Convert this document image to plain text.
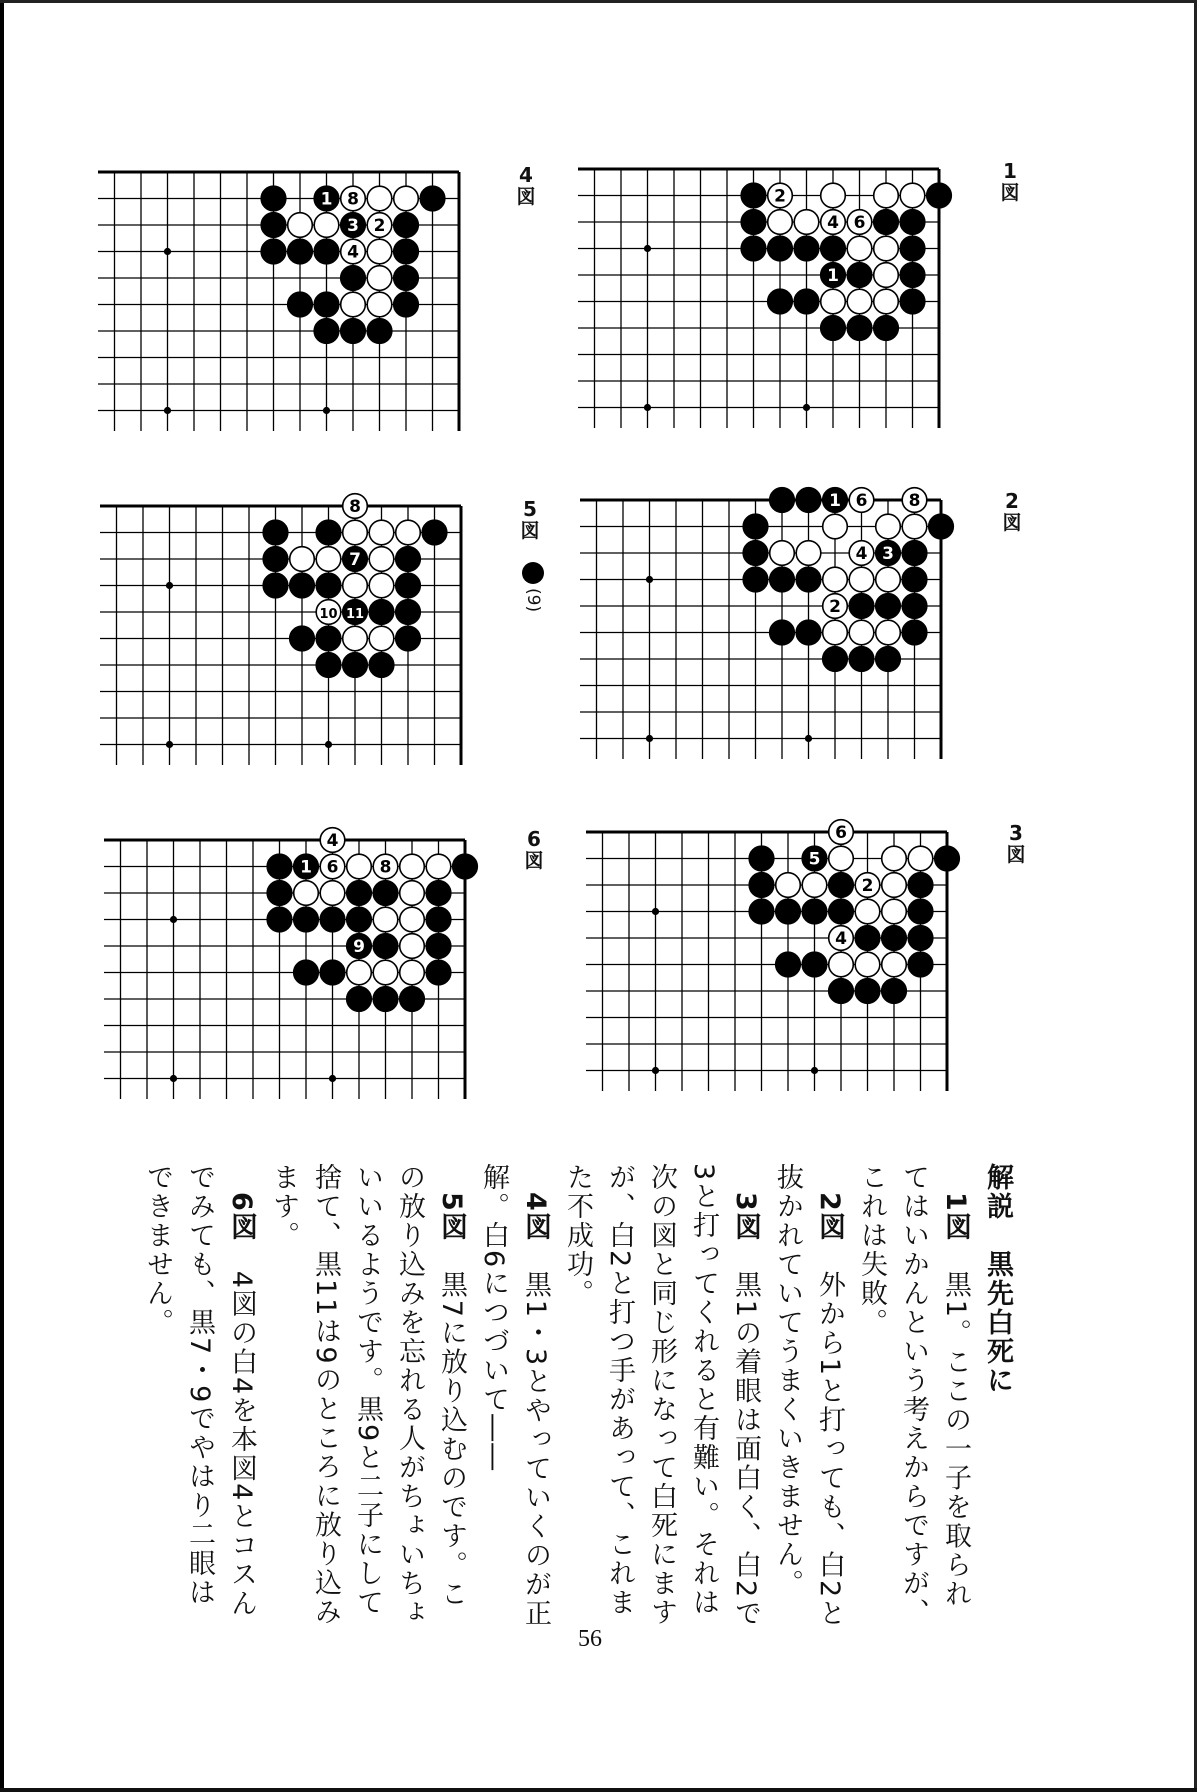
1 8
3 2
4
4
図	2
4 6
1
1
図
8
7
10 11
5
図
(9)
1 6 8
4 3
2
2
図
4
1 6 8
9
6
図
6
5
2
4
3
図

解説　黒先白死に

　1図　黒1。ここの一子を取られてはいかんという考えからですが、これは失敗。

　2図　外から1と打っても、白2と抜かれていてうまくいきません。

　3図　黒1の着眼は面白く、白2で3と打ってくれると有難い。それは次の図と同じ形になって白死にますが、白2と打つ手があって、これまた不成功。

　4図　黒1・3とやっていくのが正解。白6につづいて――

　5図　黒7に放り込むのです。この放り込みを忘れる人がちょいちょいいるようです。黒9と二子にして捨て、黒11は9のところに放り込みます。

　6図　4図の白4を本図4とコスんでみても、黒7・9でやはり二眼はできません。

56
